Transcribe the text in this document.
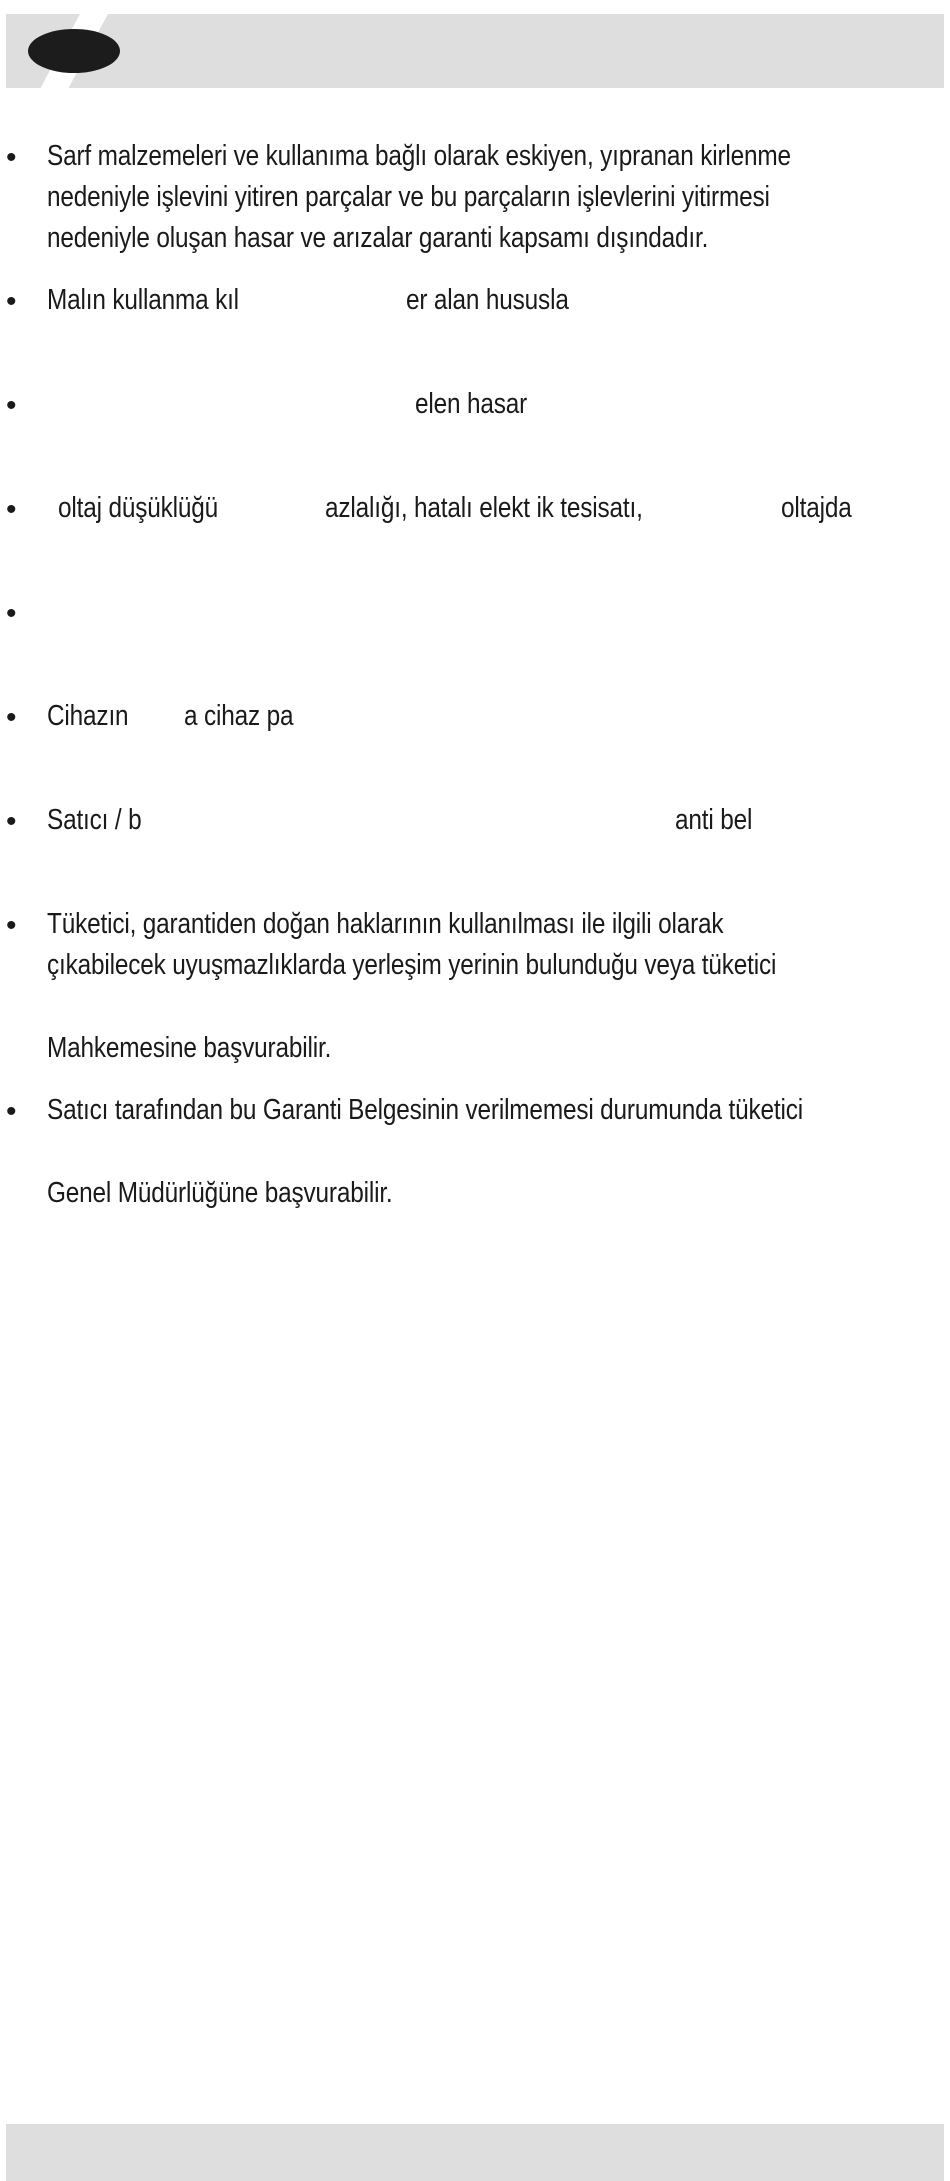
• Sarf malzemeleri ve kullanıma bağlı olarak eskiyen, yıpranan kirlenme
nedeniyle işlevini yitiren parçalar ve bu parçaların işlevlerini yitirmesi
nedeniyle oluşan hasar ve arızalar garanti kapsamı dışındadır.
• Malın kullanma kıl	er alan hususla
•	elen hasar
• oltaj düşüklüğü	azlalığı, hatalı elekt ik tesisatı,	oltajda
•
• Cihazın a cihaz pa
• Satıcı / b	anti bel
• Tüketici, garantiden doğan haklarının kullanılması ile ilgili olarak
çıkabilecek uyuşmazlıklarda yerleşim yerinin bulunduğu veya tüketici
Mahkemesine başvurabilir.
• Satıcı tarafından bu Garanti Belgesinin verilmemesi durumunda tüketici
Genel Müdürlüğüne başvurabilir.
